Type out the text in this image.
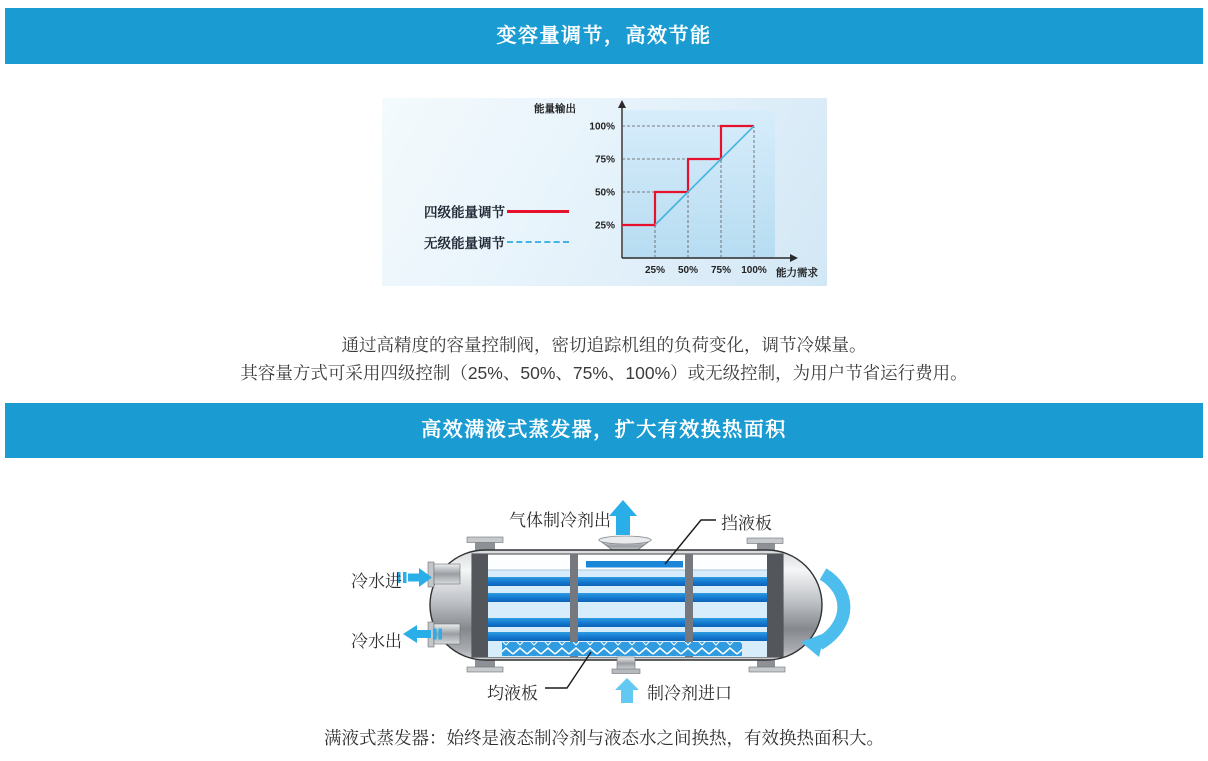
变容量调节，高效节能
25%
50%
75%
100%
25% 50% 75% 100%
能量输出
能力需求
四级能量调节
无级能量调节
通过高精度的容量控制阀，密切追踪机组的负荷变化，调节冷媒量。
其容量方式可采用四级控制（25%、50%、75%、100%）或无级控制，为用户节省运行费用。
高效满液式蒸发器，扩大有效换热面积
气体制冷剂出	挡液板
冷水进
冷水出
均液板	制冷剂进口
满液式蒸发器：始终是液态制冷剂与液态水之间换热，有效换热面积大。
